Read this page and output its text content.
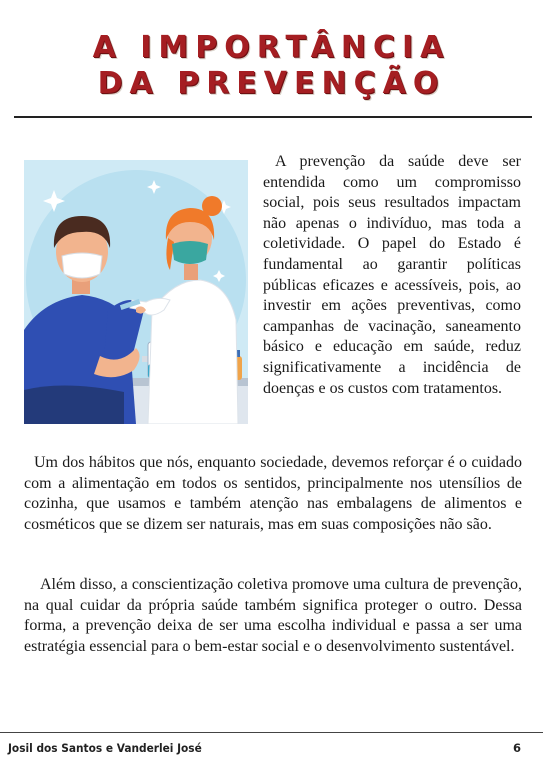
A IMPORTÂNCIA
DA PREVENÇÃO

A prevenção da saúde deve ser entendida como um compromisso social, pois seus resultados impactam não apenas o indivíduo, mas toda a coletividade. O papel do Estado é fundamental ao garantir políticas públicas eficazes e acessíveis, pois, ao investir em ações preventivas, como campanhas de vacinação, saneamento básico e educação em saúde, reduz significativamente a incidência de doenças e os custos com tratamentos.

Um dos hábitos que nós, enquanto sociedade, devemos reforçar é o cuidado com a alimentação em todos os sentidos, principalmente nos utensílios de cozinha, que usamos e também atenção nas embalagens de alimentos e cosméticos que se dizem ser naturais, mas em suas composições não são.

Além disso, a conscientização coletiva promove uma cultura de prevenção, na qual cuidar da própria saúde também significa proteger o outro. Dessa forma, a prevenção deixa de ser uma escolha individual e passa a ser uma estratégia essencial para o bem-estar social e o desenvolvimento sustentável.

Josil dos Santos e Vanderlei José	6
